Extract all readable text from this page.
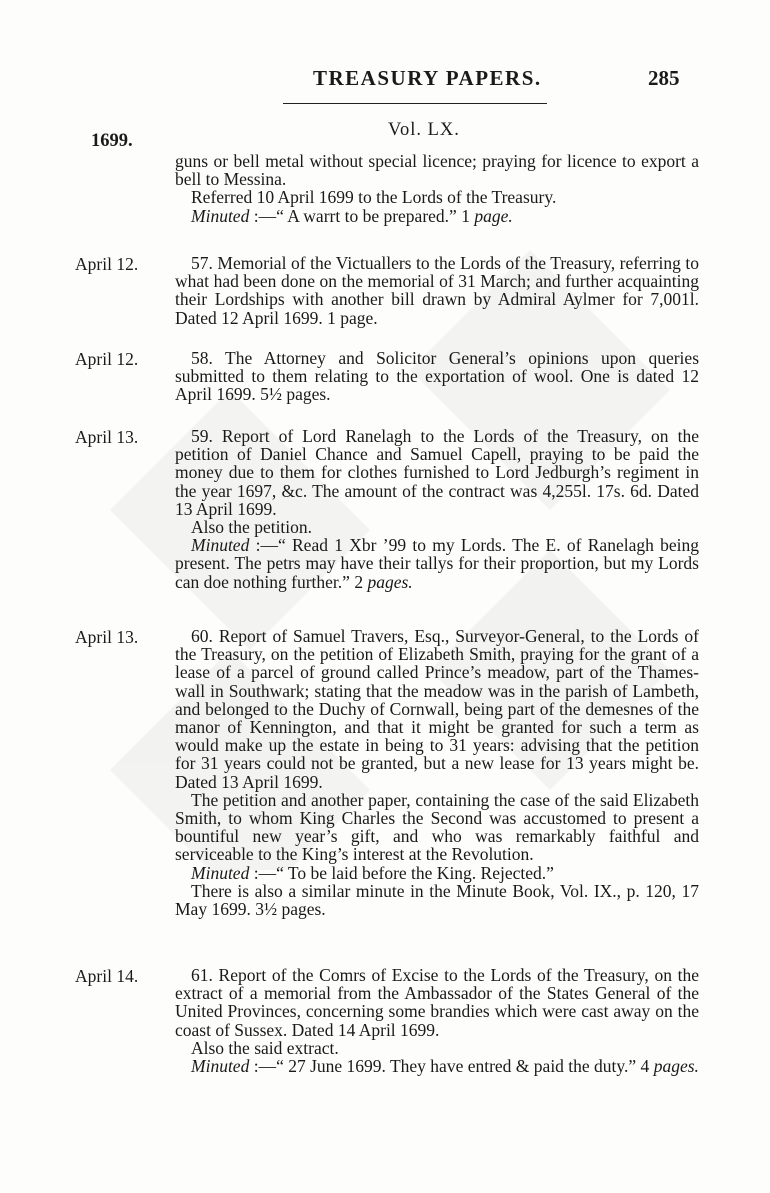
TREASURY PAPERS.	285
1699.
Vol. LX.

guns or bell metal without special licence; praying for licence to export a bell to Messina.

Referred 10 April 1699 to the Lords of the Treasury.

Minuted :—“ A warrt to be prepared.” 1 page.

April 12.	57. Memorial of the Victuallers to the Lords of the Treasury, referring to what had been done on the memorial of 31 March; and further acquainting their Lordships with another bill drawn by Admiral Aylmer for 7,001l. Dated 12 April 1699. 1 page.

April 12.	58. The Attorney and Solicitor General’s opinions upon queries submitted to them relating to the exportation of wool. One is dated 12 April 1699. 5½ pages.

April 13.	59. Report of Lord Ranelagh to the Lords of the Treasury, on the petition of Daniel Chance and Samuel Capell, praying to be paid the money due to them for clothes furnished to Lord Jedburgh’s regiment in the year 1697, &c. The amount of the contract was 4,255l. 17s. 6d. Dated 13 April 1699.

Also the petition.

Minuted :—“ Read 1 Xbr ’99 to my Lords. The E. of Ranelagh being present. The petrs may have their tallys for their proportion, but my Lords can doe nothing further.” 2 pages.

April 13.	60. Report of Samuel Travers, Esq., Surveyor-General, to the Lords of the Treasury, on the petition of Elizabeth Smith, praying for the grant of a lease of a parcel of ground called Prince’s meadow, part of the Thames-wall in Southwark; stating that the meadow was in the parish of Lambeth, and belonged to the Duchy of Cornwall, being part of the demesnes of the manor of Kennington, and that it might be granted for such a term as would make up the estate in being to 31 years: advising that the petition for 31 years could not be granted, but a new lease for 13 years might be. Dated 13 April 1699.

The petition and another paper, containing the case of the said Elizabeth Smith, to whom King Charles the Second was accustomed to present a bountiful new year’s gift, and who was remarkably faithful and serviceable to the King’s interest at the Revolution.

Minuted :—“ To be laid before the King. Rejected.”

There is also a similar minute in the Minute Book, Vol. IX., p. 120, 17 May 1699. 3½ pages.

April 14.	61. Report of the Comrs of Excise to the Lords of the Treasury, on the extract of a memorial from the Ambassador of the States General of the United Provinces, concerning some brandies which were cast away on the coast of Sussex. Dated 14 April 1699.

Also the said extract.

Minuted :—“ 27 June 1699. They have entred & paid the duty.” 4 pages.
